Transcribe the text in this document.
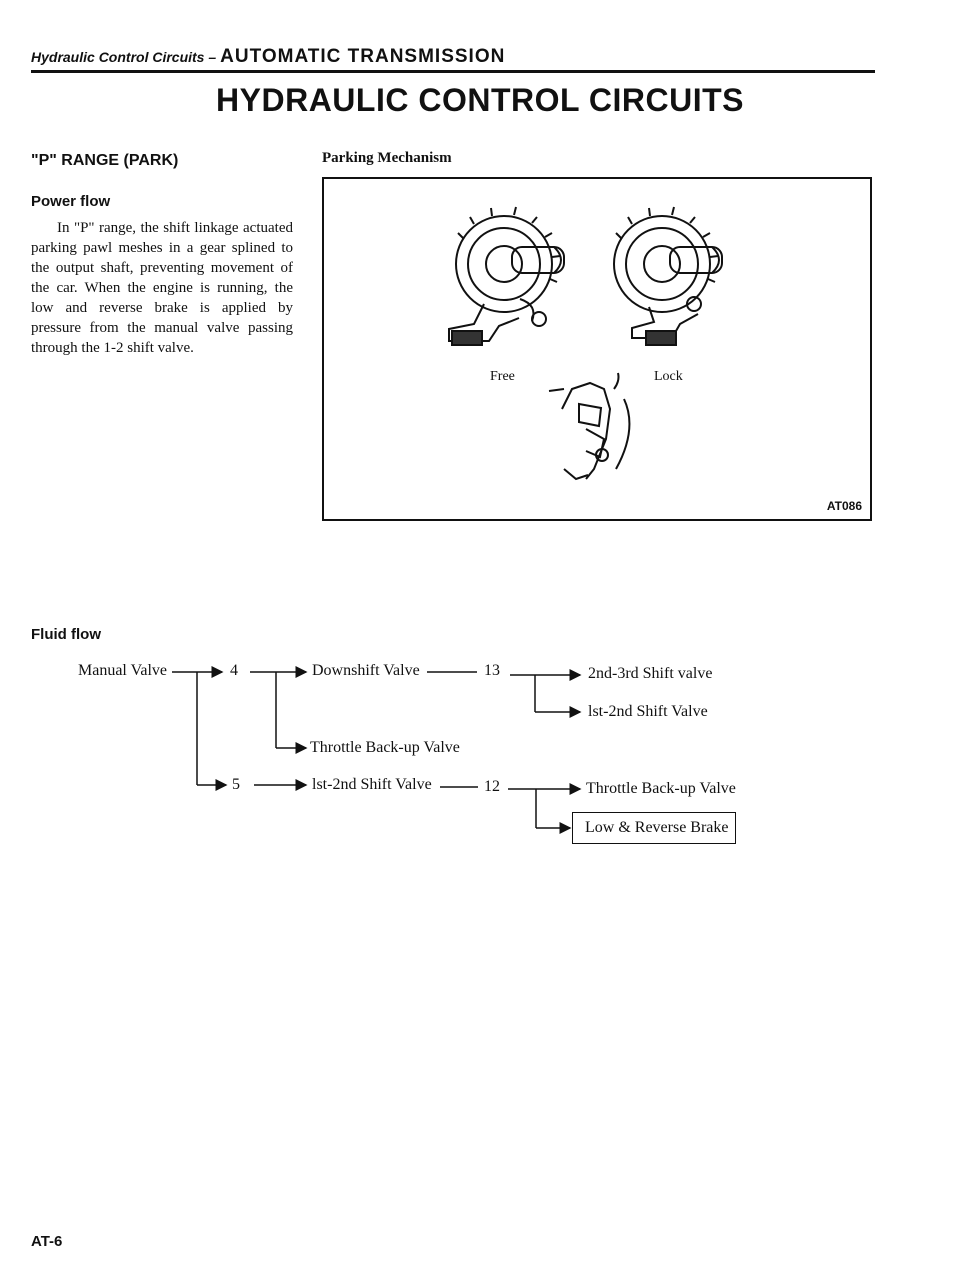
Hydraulic Control Circuits – AUTOMATIC TRANSMISSION
HYDRAULIC CONTROL CIRCUITS
"P" RANGE (PARK)
Power flow

In "P" range, the shift linkage actuated parking pawl meshes in a gear splined to the output shaft, preventing movement of the car. When the engine is running, the low and reverse brake is applied by pressure from the manual valve passing through the 1-2 shift valve.

Parking Mechanism
Free	Lock
AT086
Fluid flow
Manual Valve	4	Downshift Valve	13	2nd-3rd Shift valve
lst-2nd Shift Valve
Throttle Back-up Valve
5	lst-2nd Shift Valve	12	Throttle Back-up Valve
Low & Reverse Brake
AT-6
